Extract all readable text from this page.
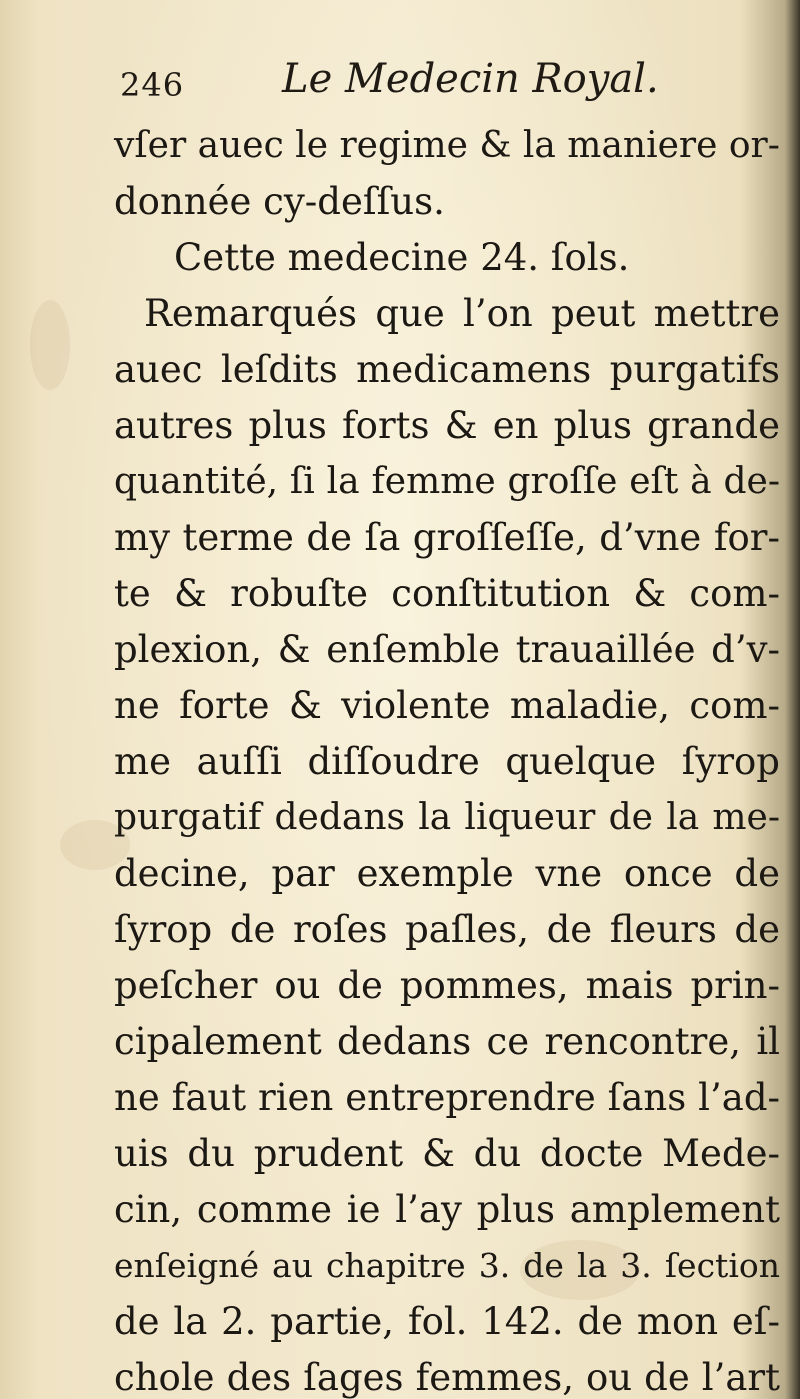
246 Le Medecin Royal.
vſer auec le regime & la maniere or-
donnée cy-deſſus.
Cette medecine 24. ſols.
Remarqués que l’on peut mettre
auec leſdits medicamens purgatifs
autres plus forts & en plus grande
quantité, ſi la femme groſſe eſt à de-
my terme de ſa groſſeſſe, d’vne for-
te & robuſte conſtitution & com-
plexion, & enſemble trauaillée d’v-
ne forte & violente maladie, com-
me auſſi diſſoudre quelque ſyrop
purgatif dedans la liqueur de la me-
decine, par exemple vne once de
ſyrop de roſes paſles, de fleurs de
peſcher ou de pommes, mais prin-
cipalement dedans ce rencontre, il
ne faut rien entreprendre ſans l’ad-
uis du prudent & du docte Mede-
cin, comme ie l’ay plus amplement
enſeigné au chapitre 3. de la 3. ſection
de la 2. partie, fol. 142. de mon eſ-
chole des ſages femmes, ou de l’art
